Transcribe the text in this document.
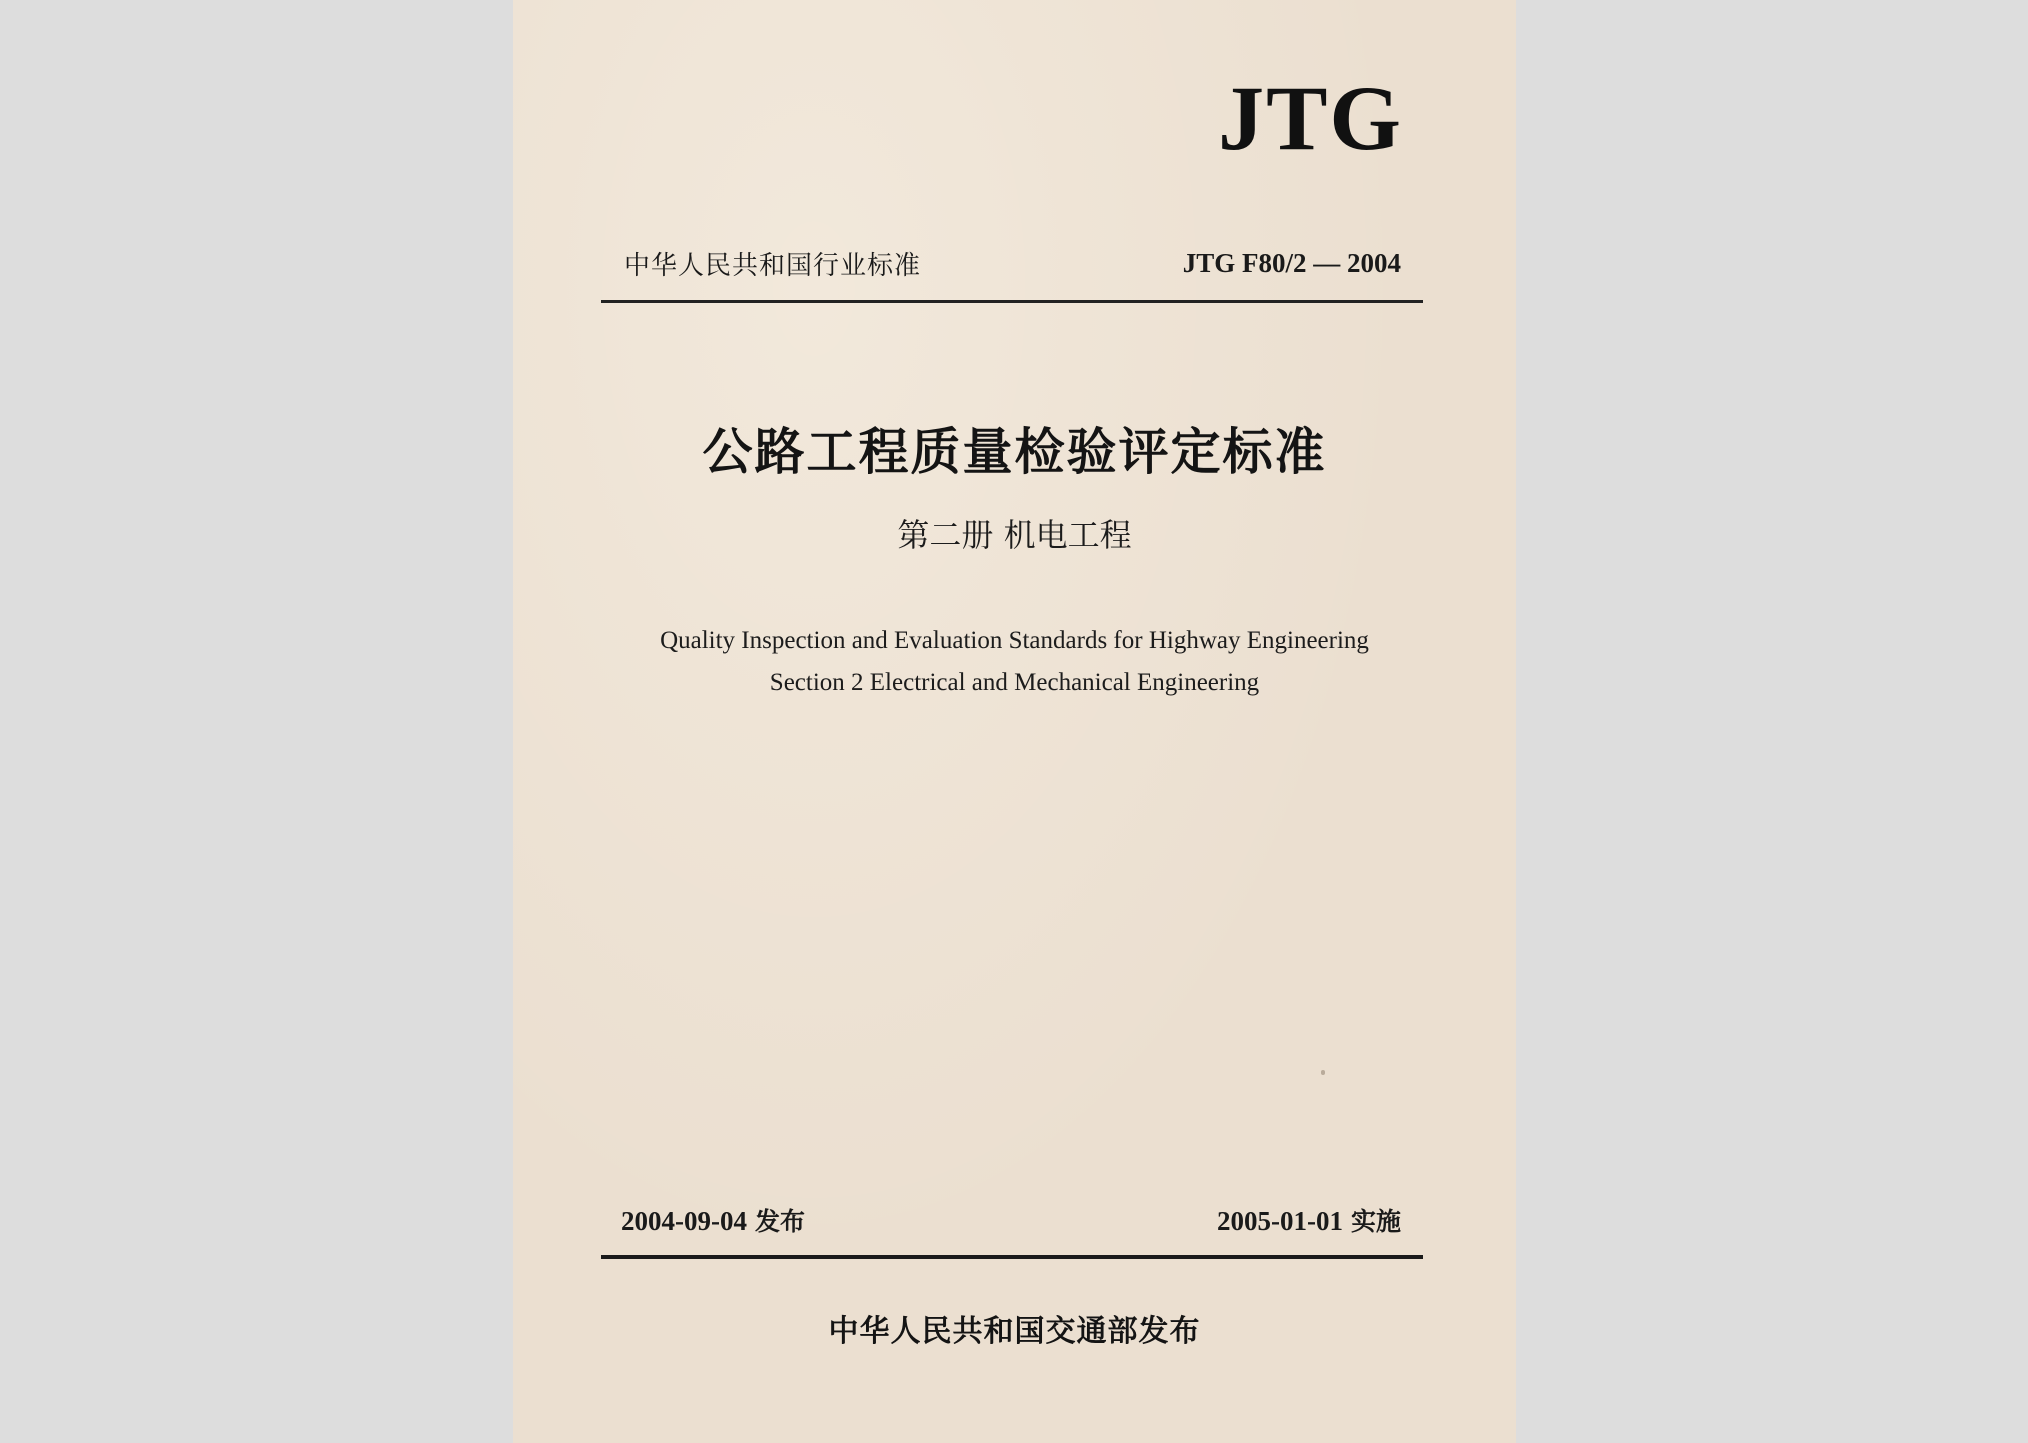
JTG
中华人民共和国行业标准	JTG F80/2 — 2004
公路工程质量检验评定标准
第二册 机电工程
Quality Inspection and Evaluation Standards for Highway Engineering
Section 2 Electrical and Mechanical Engineering
2004-09-04 发布	2005-01-01 实施
中华人民共和国交通部发布
